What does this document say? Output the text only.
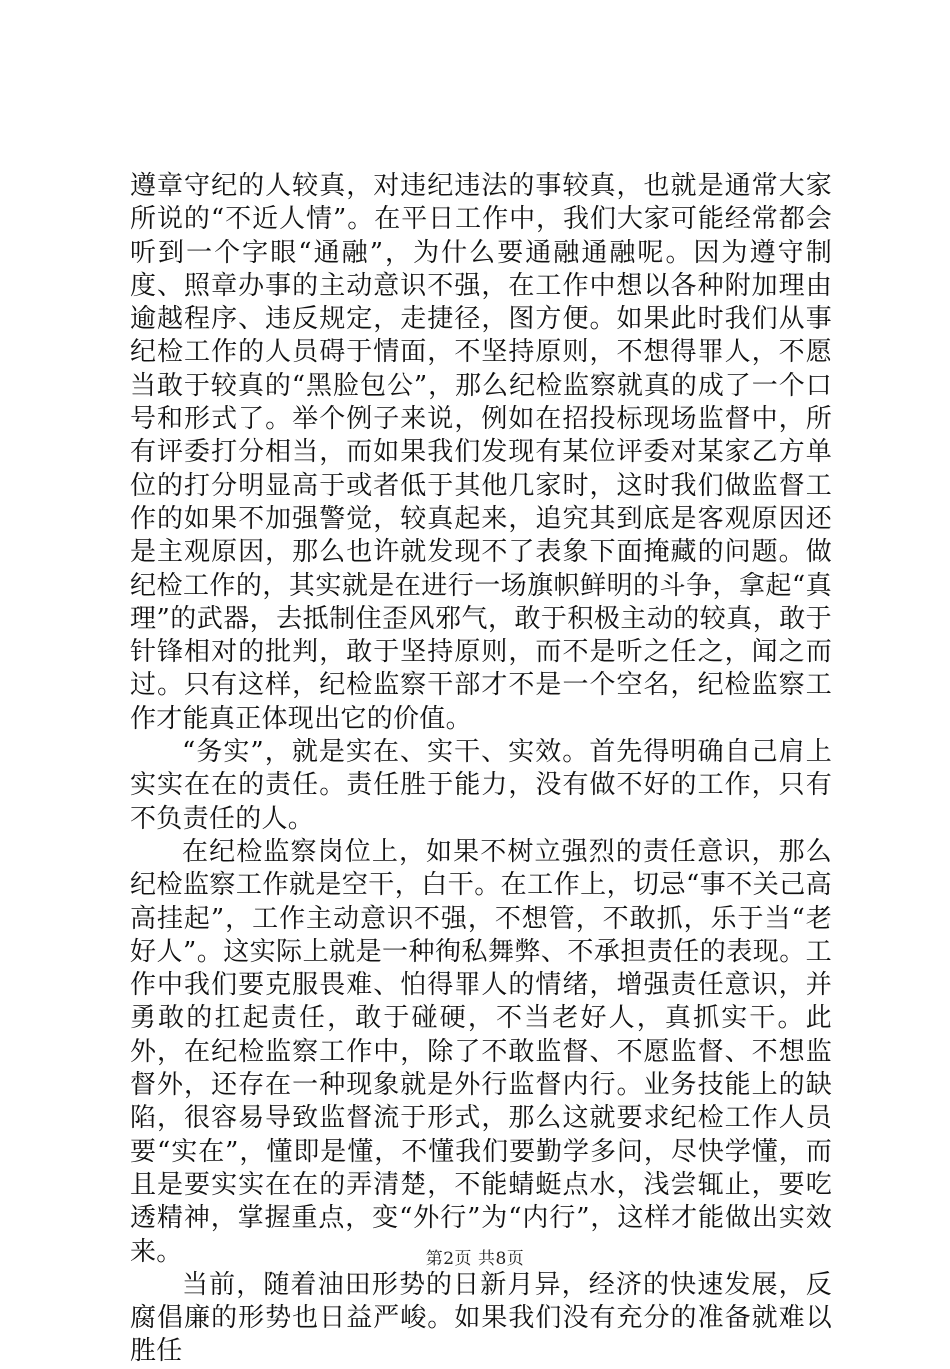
遵章守纪的人较真，对违纪违法的事较真，也就是通常大家所说的“不近人情”。在平日工作中，我们大家可能经常都会听到一个字眼“通融”，为什么要通融通融呢。因为遵守制度、照章办事的主动意识不强，在工作中想以各种附加理由逾越程序、违反规定，走捷径，图方便。如果此时我们从事纪检工作的人员碍于情面，不坚持原则，不想得罪人，不愿当敢于较真的“黑脸包公”，那么纪检监察就真的成了一个口号和形式了。举个例子来说，例如在招投标现场监督中，所有评委打分相当，而如果我们发现有某位评委对某家乙方单位的打分明显高于或者低于其他几家时，这时我们做监督工作的如果不加强警觉，较真起来，追究其到底是客观原因还是主观原因，那么也许就发现不了表象下面掩藏的问题。做纪检工作的，其实就是在进行一场旗帜鲜明的斗争，拿起“真理”的武器，去抵制住歪风邪气，敢于积极主动的较真，敢于针锋相对的批判，敢于坚持原则，而不是听之任之，闻之而过。只有这样，纪检监察干部才不是一个空名，纪检监察工作才能真正体现出它的价值。

“务实”，就是实在、实干、实效。首先得明确自己肩上实实在在的责任。责任胜于能力，没有做不好的工作，只有不负责任的人。

在纪检监察岗位上，如果不树立强烈的责任意识，那么纪检监察工作就是空干，白干。在工作上，切忌“事不关己高高挂起”，工作主动意识不强，不想管，不敢抓，乐于当“老好人”。这实际上就是一种徇私舞弊、不承担责任的表现。工作中我们要克服畏难、怕得罪人的情绪，增强责任意识，并勇敢的扛起责任，敢于碰硬，不当老好人，真抓实干。此外，在纪检监察工作中，除了不敢监督、不愿监督、不想监督外，还存在一种现象就是外行监督内行。业务技能上的缺陷，很容易导致监督流于形式，那么这就要求纪检工作人员要“实在”，懂即是懂，不懂我们要勤学多问，尽快学懂，而且是要实实在在的弄清楚，不能蜻蜓点水，浅尝辄止，要吃透精神，掌握重点，变“外行”为“内行”，这样才能做出实效来。

当前，随着油田形势的日新月异，经济的快速发展，反腐倡廉的形势也日益严峻。如果我们没有充分的准备就难以胜任

第2页 共8页
